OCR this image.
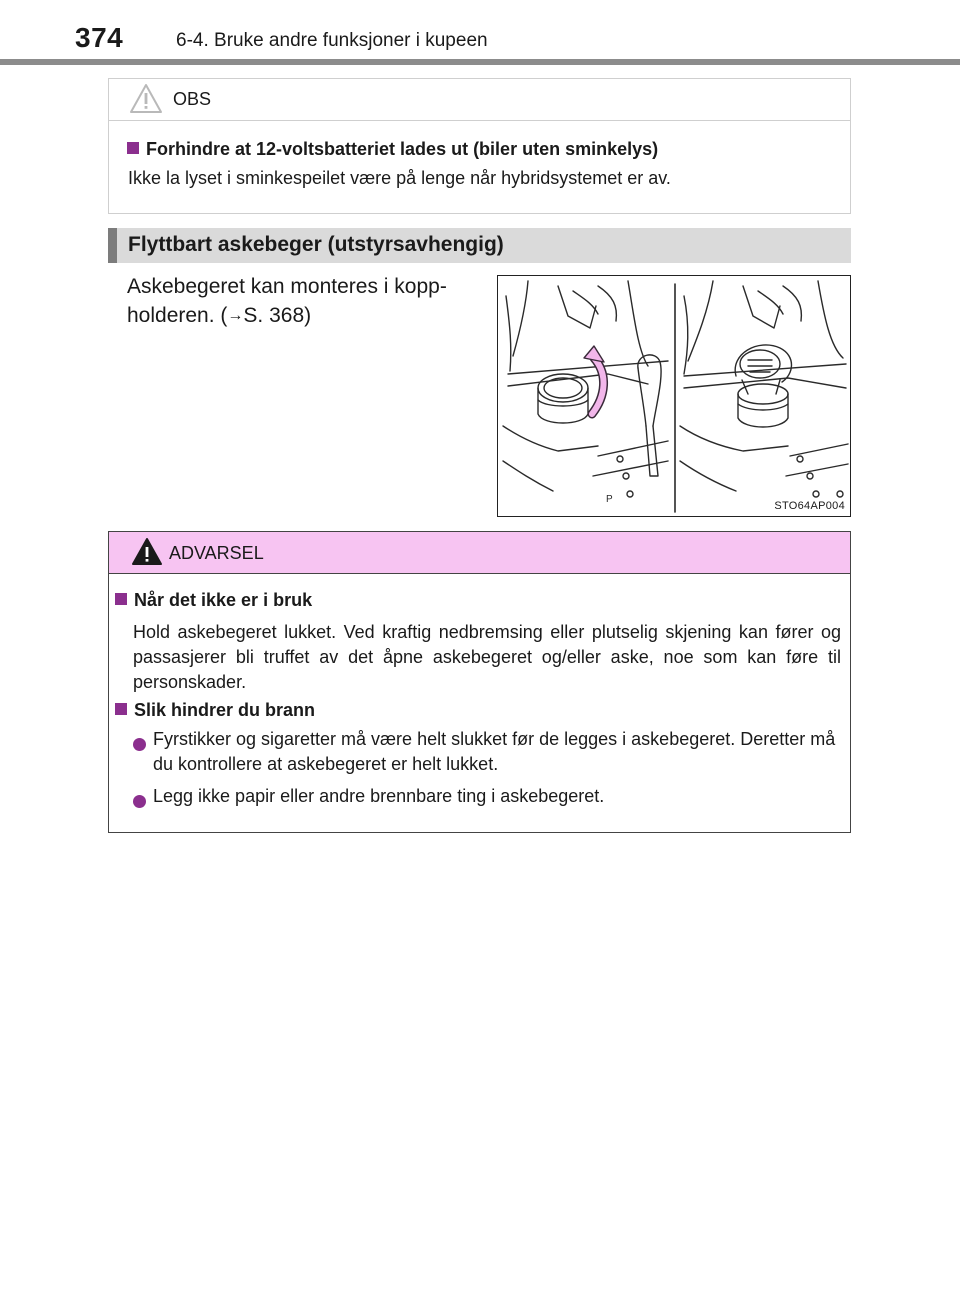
374	6-4. Bruke andre funksjoner i kupeen
OBS
Forhindre at 12-voltsbatteriet lades ut (biler uten sminkelys)
Ikke la lyset i sminkespeilet være på lenge når hybridsystemet er av.
Flyttbart askebeger (utstyrsavhengig)
Askebegeret kan monteres i kopp-
holderen. (→S. 368)
P
STO64AP004
ADVARSEL
Når det ikke er i bruk
Hold askebegeret lukket. Ved kraftig nedbremsing eller plutselig skjening kan fører og passasjerer bli truffet av det åpne askebegeret og/eller aske, noe som kan føre til personskader.
Slik hindrer du brann
Fyrstikker og sigaretter må være helt slukket før de legges i askebegeret. Deretter må du kontrollere at askebegeret er helt lukket.
Legg ikke papir eller andre brennbare ting i askebegeret.
